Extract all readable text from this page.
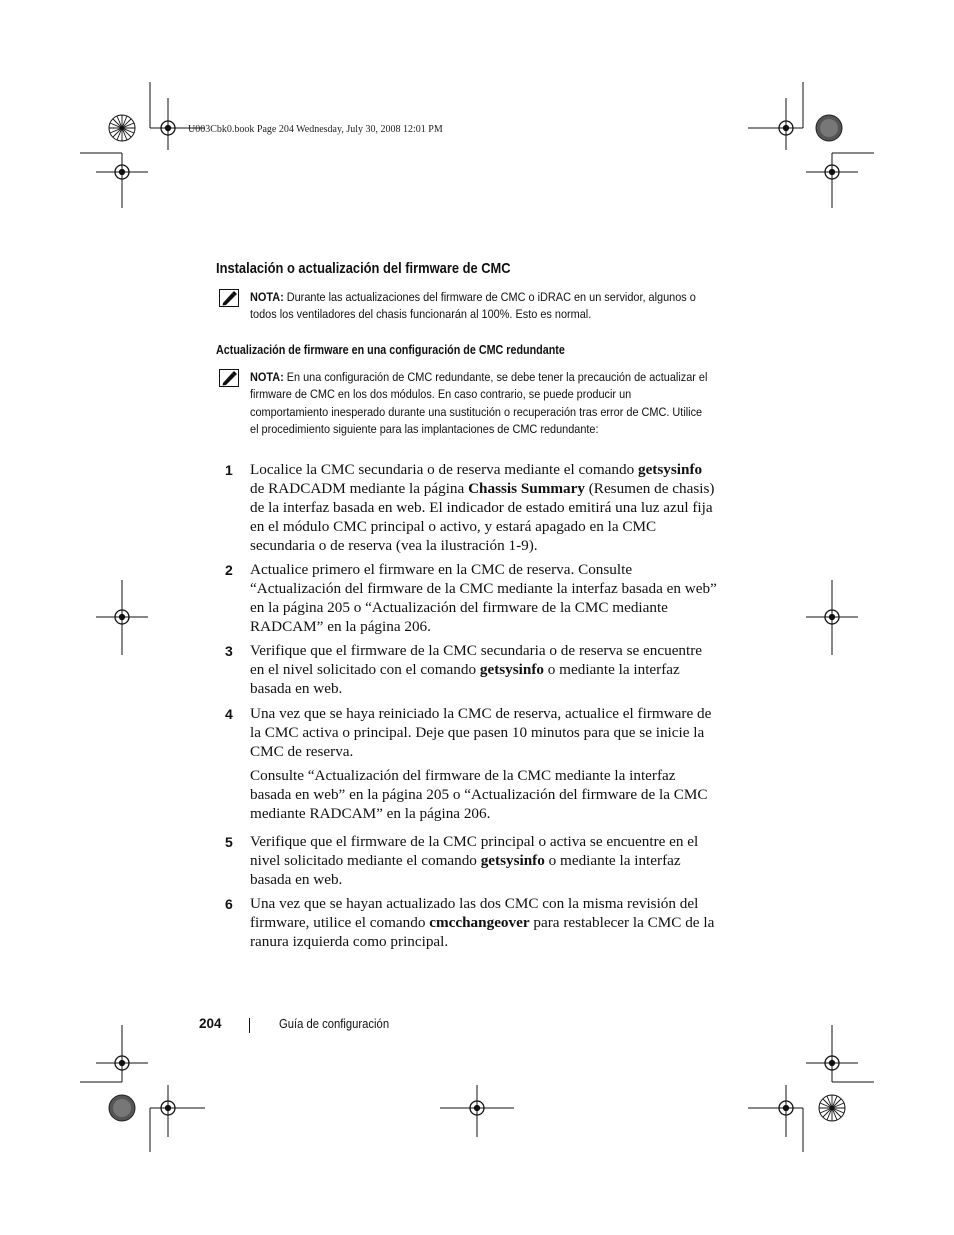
U003Cbk0.book Page 204 Wednesday, July 30, 2008 12:01 PM
Instalación o actualización del firmware de CMC
NOTA: Durante las actualizaciones del firmware de CMC o iDRAC en un servidor, algunos o todos los ventiladores del chasis funcionarán al 100%. Esto es normal.
Actualización de firmware en una configuración de CMC redundante
NOTA: En una configuración de CMC redundante, se debe tener la precaución de actualizar el firmware de CMC en los dos módulos. En caso contrario, se puede producir un comportamiento inesperado durante una sustitución o recuperación tras error de CMC. Utilice el procedimiento siguiente para las implantaciones de CMC redundante:
1	Localice la CMC secundaria o de reserva mediante el comando getsysinfo de RADCADM mediante la página Chassis Summary (Resumen de chasis) de la interfaz basada en web. El indicador de estado emitirá una luz azul fija en el módulo CMC principal o activo, y estará apagado en la CMC secundaria o de reserva (vea la ilustración 1-9).

2	Actualice primero el firmware en la CMC de reserva. Consulte “Actualización del firmware de la CMC mediante la interfaz basada en web” en la página 205 o “Actualización del firmware de la CMC mediante RADCAM” en la página 206.

3	Verifique que el firmware de la CMC secundaria o de reserva se encuentre en el nivel solicitado con el comando getsysinfo o mediante la interfaz basada en web.

4	Una vez que se haya reiniciado la CMC de reserva, actualice el firmware de la CMC activa o principal. Deje que pasen 10 minutos para que se inicie la CMC de reserva.

Consulte “Actualización del firmware de la CMC mediante la interfaz basada en web” en la página 205 o “Actualización del firmware de la CMC mediante RADCAM” en la página 206.

5	Verifique que el firmware de la CMC principal o activa se encuentre en el nivel solicitado mediante el comando getsysinfo o mediante la interfaz basada en web.

6	Una vez que se hayan actualizado las dos CMC con la misma revisión del firmware, utilice el comando cmcchangeover para restablecer la CMC de la ranura izquierda como principal.

204	Guía de configuración
